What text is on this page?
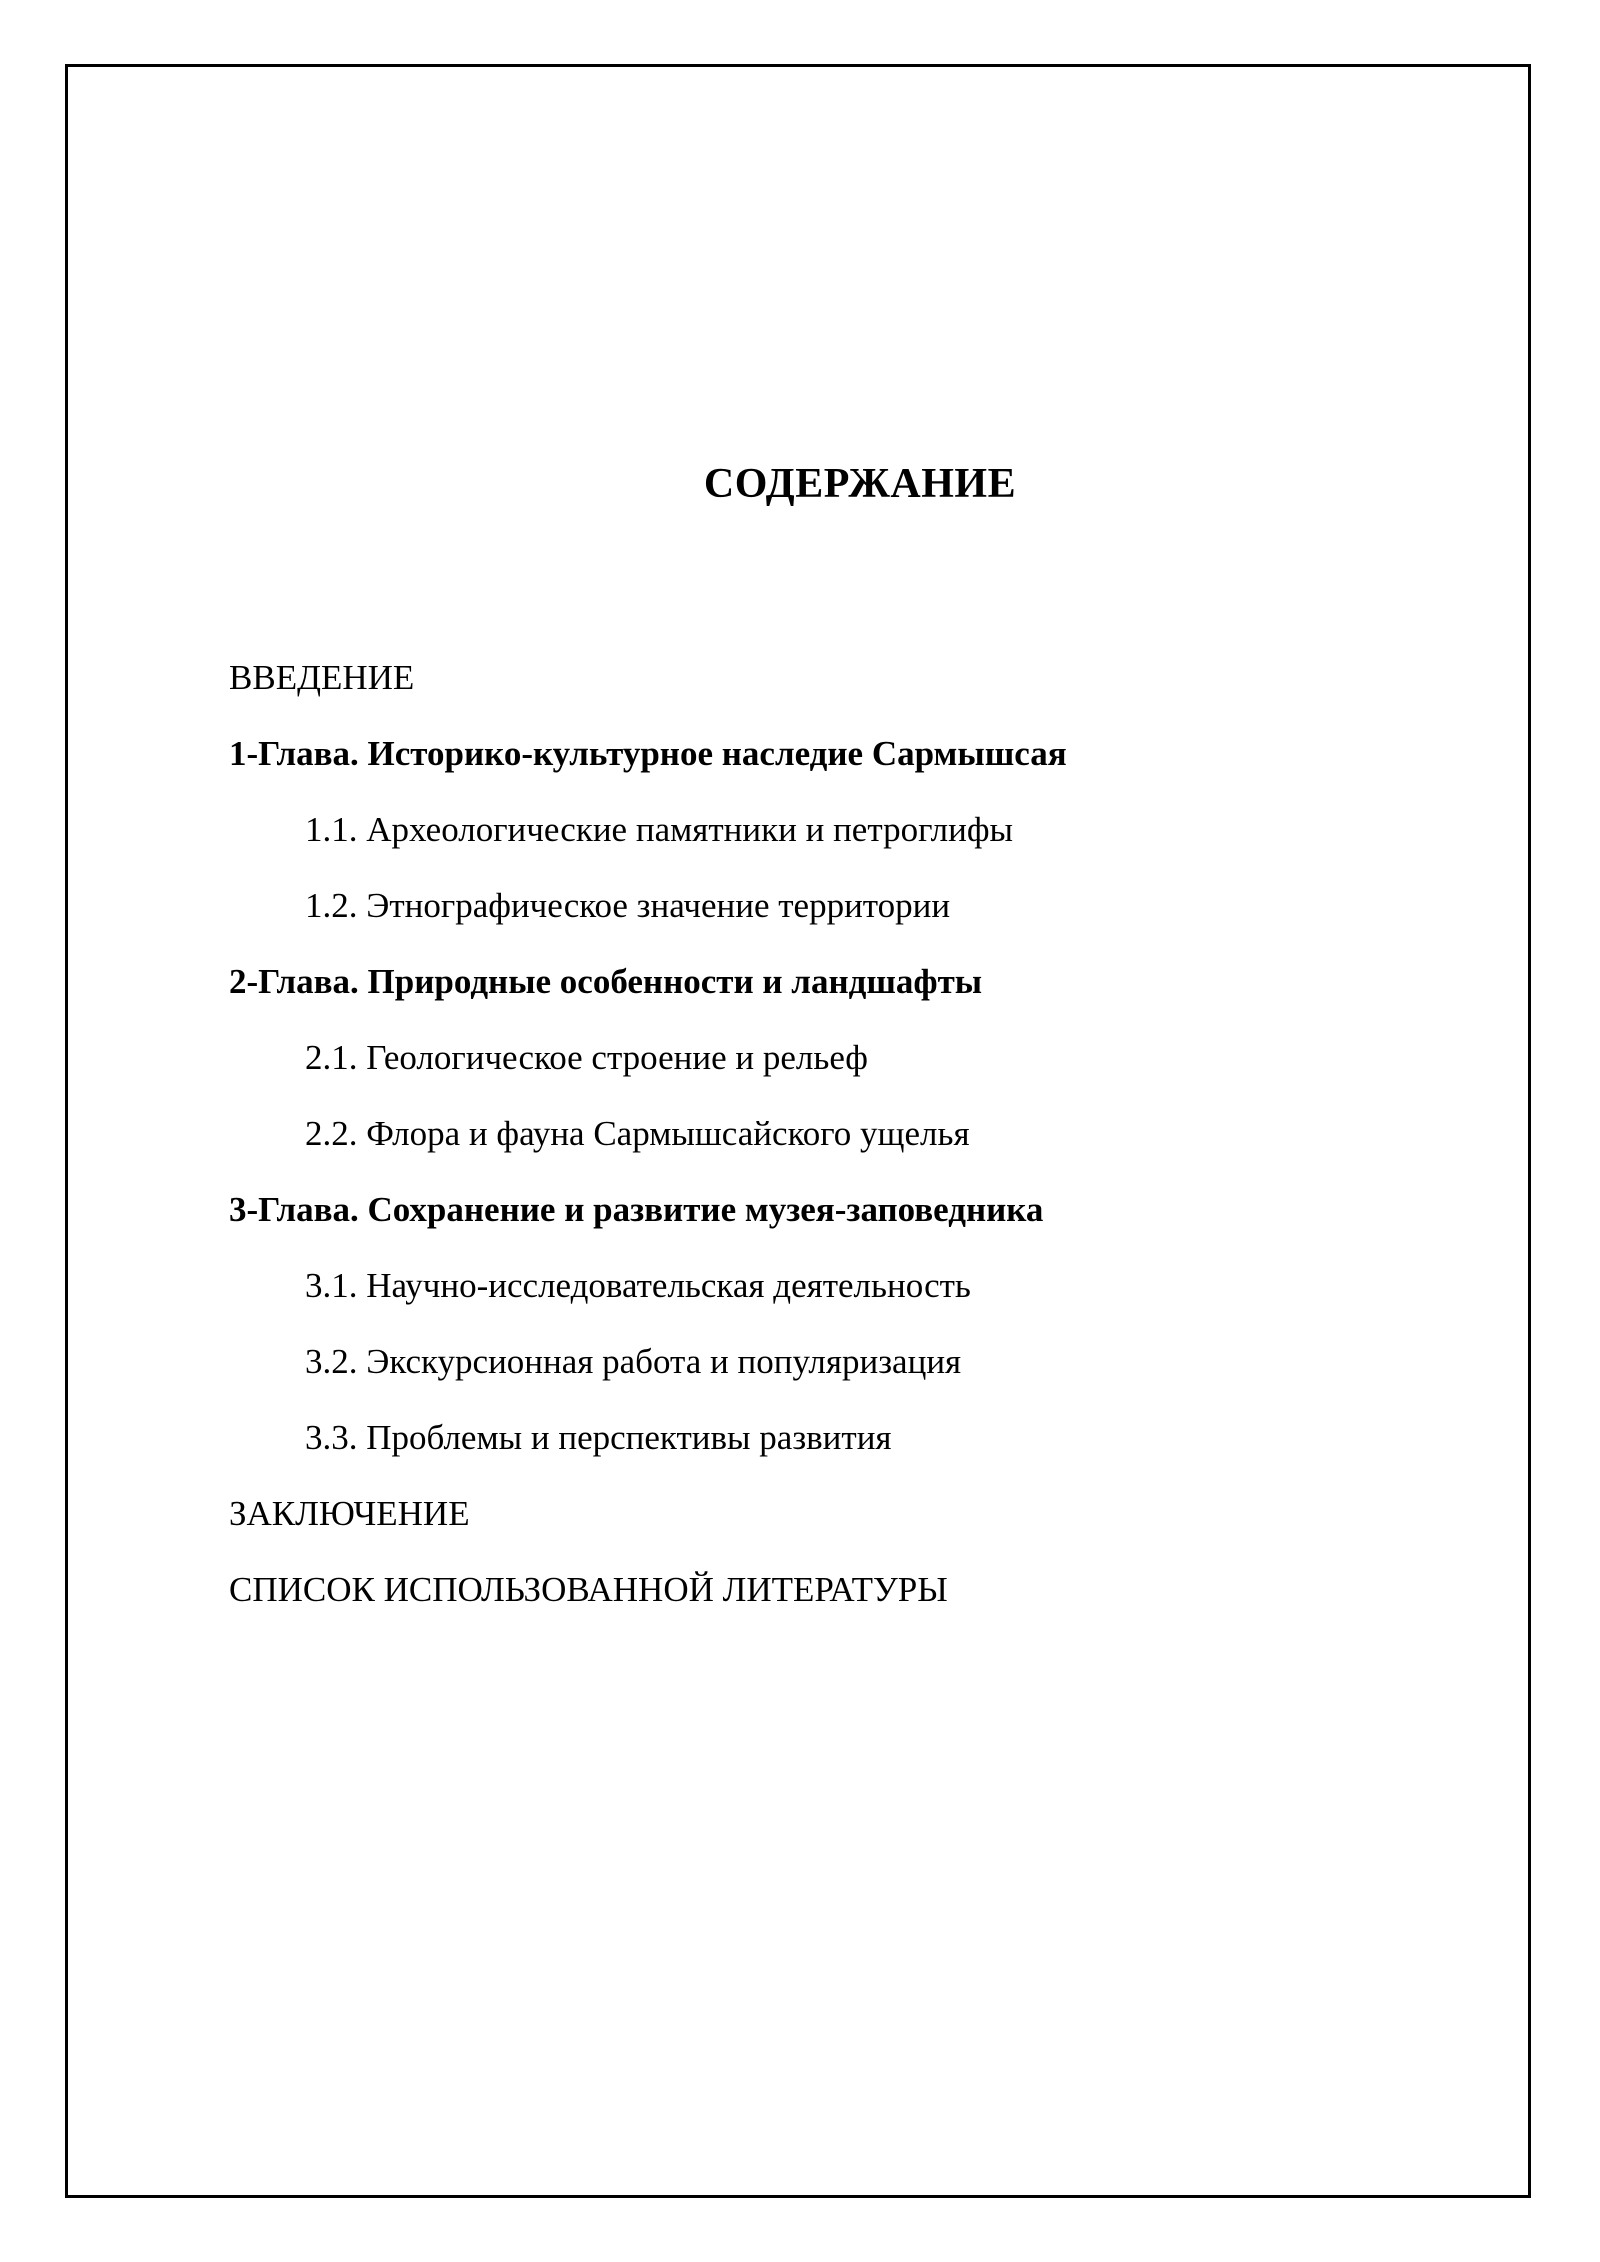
СОДЕРЖАНИЕ
ВВЕДЕНИЕ
1-Глава. Историко-культурное наследие Сармышсая
1.1. Археологические памятники и петроглифы
1.2. Этнографическое значение территории
2-Глава. Природные особенности и ландшафты
2.1. Геологическое строение и рельеф
2.2. Флора и фауна Сармышсайского ущелья
3-Глава. Сохранение и развитие музея-заповедника
3.1. Научно-исследовательская деятельность
3.2. Экскурсионная работа и популяризация
3.3. Проблемы и перспективы развития
ЗАКЛЮЧЕНИЕ
СПИСОК ИСПОЛЬЗОВАННОЙ ЛИТЕРАТУРЫ
